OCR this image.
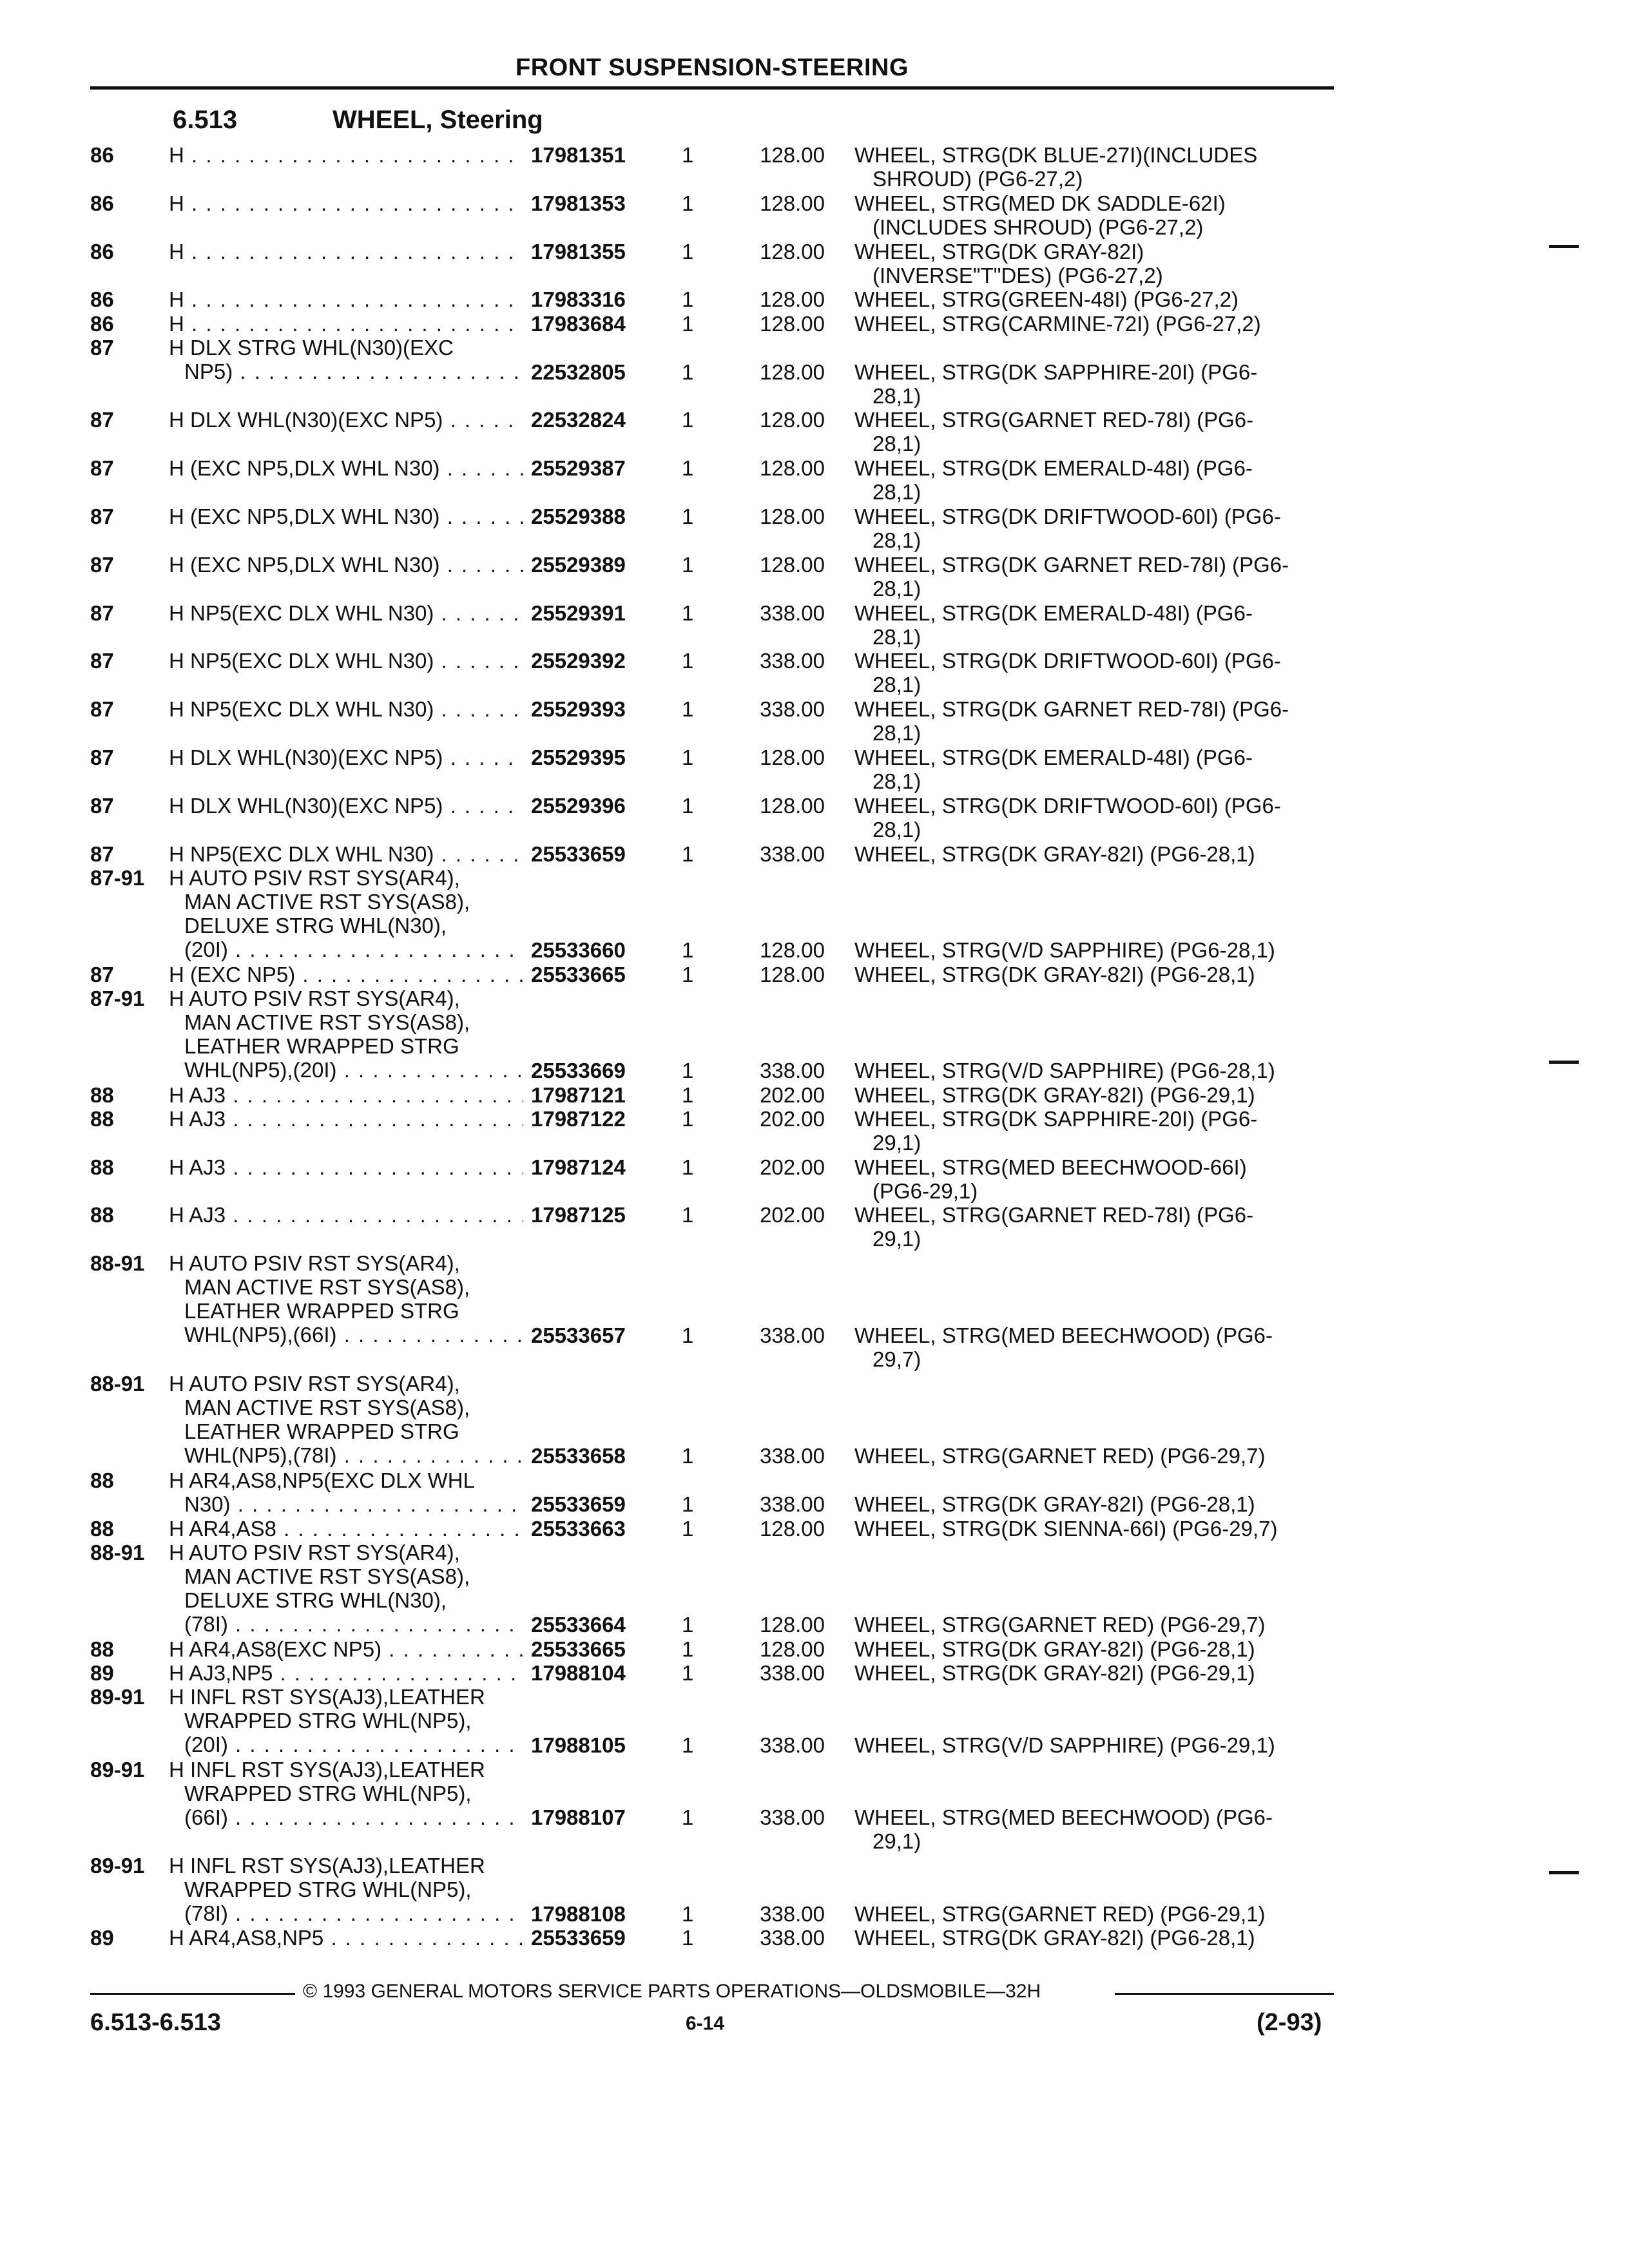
FRONT SUSPENSION-STEERING
6.513	WHEEL, Steering
86	H . . .	17981351	1	128.00 WHEEL, STRG(DK BLUE-27I)(INCLUDES
SHROUD) (PG6-27,2)
86	H . . .	17981353	1	128.00 WHEEL, STRG(MED DK SADDLE-62I)
(INCLUDES SHROUD) (PG6-27,2)
86	H . . .	17981355	1	128.00 WHEEL, STRG(DK GRAY-82I)
(INVERSE"T"DES) (PG6-27,2)
86	H . . .	17983316	1	128.00 WHEEL, STRG(GREEN-48I) (PG6-27,2)
86	H . . .	17983684	1	128.00 WHEEL, STRG(CARMINE-72I) (PG6-27,2)
87	H DLX STRG WHL(N30)(EXC
NP5) . . .	22532805	1	128.00 WHEEL, STRG(DK SAPPHIRE-20I) (PG6-
28,1)
87	H DLX WHL(N30)(EXC NP5) . . .	22532824	1	128.00 WHEEL, STRG(GARNET RED-78I) (PG6-
28,1)
87	H (EXC NP5,DLX WHL N30) . . .	25529387	1	128.00 WHEEL, STRG(DK EMERALD-48I) (PG6-
28,1)
87	H (EXC NP5,DLX WHL N30) . . .	25529388	1	128.00 WHEEL, STRG(DK DRIFTWOOD-60I) (PG6-
28,1)
87	H (EXC NP5,DLX WHL N30) . . .	25529389	1	128.00 WHEEL, STRG(DK GARNET RED-78I) (PG6-
28,1)
87	H NP5(EXC DLX WHL N30) . . .	25529391	1	338.00 WHEEL, STRG(DK EMERALD-48I) (PG6-
28,1)
87	H NP5(EXC DLX WHL N30) . . .	25529392	1	338.00 WHEEL, STRG(DK DRIFTWOOD-60I) (PG6-
28,1)
87	H NP5(EXC DLX WHL N30) . . .	25529393	1	338.00 WHEEL, STRG(DK GARNET RED-78I) (PG6-
28,1)
87	H DLX WHL(N30)(EXC NP5) . . .	25529395	1	128.00 WHEEL, STRG(DK EMERALD-48I) (PG6-
28,1)
87	H DLX WHL(N30)(EXC NP5) . . .	25529396	1	128.00 WHEEL, STRG(DK DRIFTWOOD-60I) (PG6-
28,1)
87	H NP5(EXC DLX WHL N30) . . .	25533659	1	338.00 WHEEL, STRG(DK GRAY-82I) (PG6-28,1)
87-91	H AUTO PSIV RST SYS(AR4),
MAN ACTIVE RST SYS(AS8),
DELUXE STRG WHL(N30),
(20I) . . .	25533660	1	128.00 WHEEL, STRG(V/D SAPPHIRE) (PG6-28,1)
87	H (EXC NP5) . . .	25533665	1	128.00 WHEEL, STRG(DK GRAY-82I) (PG6-28,1)
87-91	H AUTO PSIV RST SYS(AR4),
MAN ACTIVE RST SYS(AS8),
LEATHER WRAPPED STRG
WHL(NP5),(20I) . . .	25533669	1	338.00 WHEEL, STRG(V/D SAPPHIRE) (PG6-28,1)
88	H AJ3 . . .	17987121	1	202.00 WHEEL, STRG(DK GRAY-82I) (PG6-29,1)
88	H AJ3 . . .	17987122	1	202.00 WHEEL, STRG(DK SAPPHIRE-20I) (PG6-
29,1)
88	H AJ3 . . .	17987124	1	202.00 WHEEL, STRG(MED BEECHWOOD-66I)
(PG6-29,1)
88	H AJ3 . . .	17987125	1	202.00 WHEEL, STRG(GARNET RED-78I) (PG6-
29,1)
88-91	H AUTO PSIV RST SYS(AR4),
MAN ACTIVE RST SYS(AS8),
LEATHER WRAPPED STRG
WHL(NP5),(66I) . . .	25533657	1	338.00 WHEEL, STRG(MED BEECHWOOD) (PG6-
29,7)
88-91	H AUTO PSIV RST SYS(AR4),
MAN ACTIVE RST SYS(AS8),
LEATHER WRAPPED STRG
WHL(NP5),(78I) . . .	25533658	1	338.00 WHEEL, STRG(GARNET RED) (PG6-29,7)
88	H AR4,AS8,NP5(EXC DLX WHL
N30) . . .	25533659	1	338.00 WHEEL, STRG(DK GRAY-82I) (PG6-28,1)
88	H AR4,AS8 . . .	25533663	1	128.00 WHEEL, STRG(DK SIENNA-66I) (PG6-29,7)
88-91	H AUTO PSIV RST SYS(AR4),
MAN ACTIVE RST SYS(AS8),
DELUXE STRG WHL(N30),
(78I) . . .	25533664	1	128.00 WHEEL, STRG(GARNET RED) (PG6-29,7)
88	H AR4,AS8(EXC NP5) . . .	25533665	1	128.00 WHEEL, STRG(DK GRAY-82I) (PG6-28,1)
89	H AJ3,NP5 . . .	17988104	1	338.00 WHEEL, STRG(DK GRAY-82I) (PG6-29,1)
89-91	H INFL RST SYS(AJ3),LEATHER
WRAPPED STRG WHL(NP5),
(20I) . . .	17988105	1	338.00 WHEEL, STRG(V/D SAPPHIRE) (PG6-29,1)
89-91	H INFL RST SYS(AJ3),LEATHER
WRAPPED STRG WHL(NP5),
(66I) . . .	17988107	1	338.00 WHEEL, STRG(MED BEECHWOOD) (PG6-
29,1)
89-91	H INFL RST SYS(AJ3),LEATHER
WRAPPED STRG WHL(NP5),
(78I) . . .	17988108	1	338.00 WHEEL, STRG(GARNET RED) (PG6-29,1)
89	H AR4,AS8,NP5 . . .	25533659	1	338.00 WHEEL, STRG(DK GRAY-82I) (PG6-28,1)
© 1993 GENERAL MOTORS SERVICE PARTS OPERATIONS—OLDSMOBILE—32H
6.513-6.513	6-14	(2-93)
